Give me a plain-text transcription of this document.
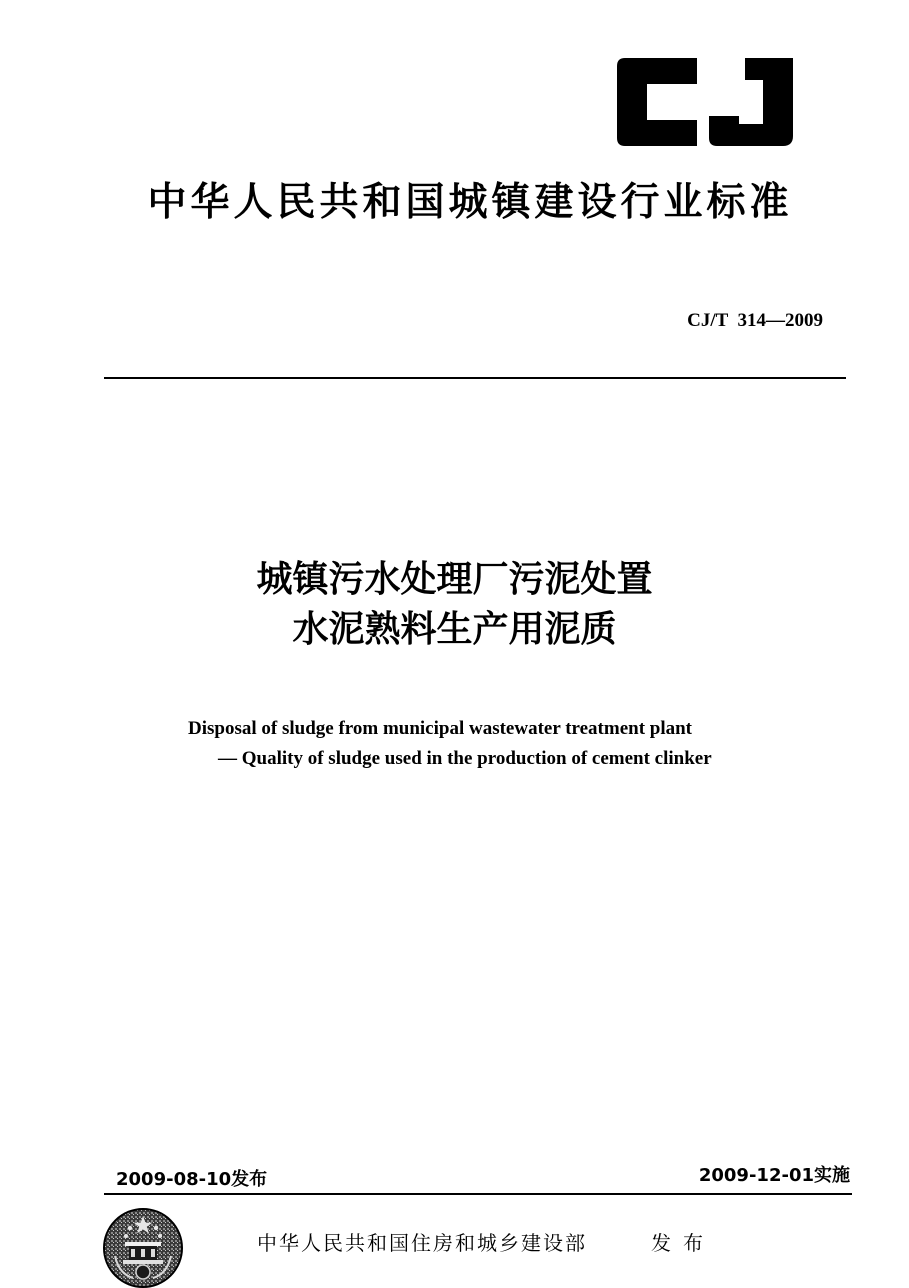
中华人民共和国城镇建设行业标准
CJ/T  314—2009
城镇污水处理厂污泥处置
水泥熟料生产用泥质
Disposal of sludge from municipal wastewater treatment plant
— Quality of sludge used in the production of cement clinker
2009-08-10发布	2009-12-01实施
中华人民共和国住房和城乡建设部	发布
